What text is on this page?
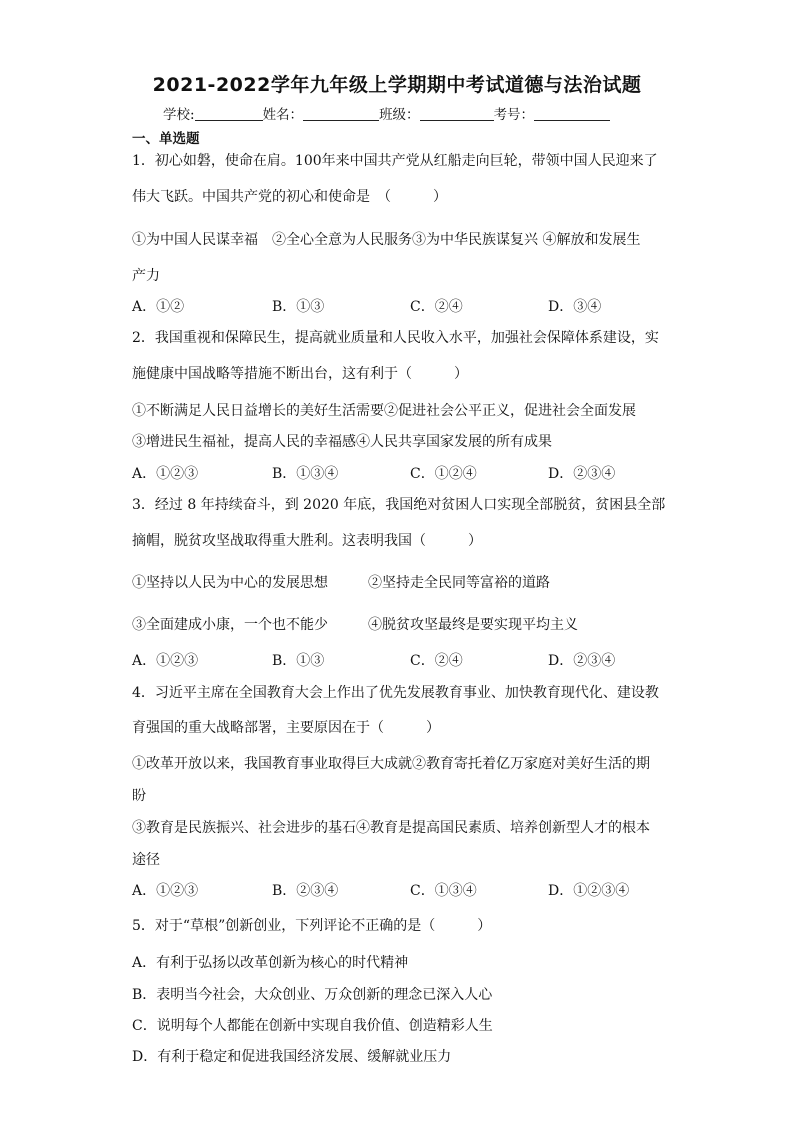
2021-2022学年九年级上学期期中考试道德与法治试题
学校:	姓名：	班级：	考号：
一、单选题
1．初心如磐，使命在肩。100年来中国共产党从红船走向巨轮，带领中国人民迎来了
伟大飞跃。中国共产党的初心和使命是　（　　　）
①为中国人民谋幸福　②全心全意为人民服务③为中华民族谋复兴 ④解放和发展生
产力
A．①②	B．①③	C．②④	D．③④
2．我国重视和保障民生，提高就业质量和人民收入水平，加强社会保障体系建设，实
施健康中国战略等措施不断出台，这有利于（　　　）
①不断满足人民日益增长的美好生活需要②促进社会公平正义，促进社会全面发展
③增进民生福祉，提高人民的幸福感④人民共享国家发展的所有成果
A．①②③	B．①③④	C．①②④	D．②③④
3．经过 8 年持续奋斗，到 2020 年底，我国绝对贫困人口实现全部脱贫，贫困县全部
摘帽，脱贫攻坚战取得重大胜利。这表明我国（　　　）
①坚持以人民为中心的发展思想	②坚持走全民同等富裕的道路
③全面建成小康，一个也不能少	④脱贫攻坚最终是要实现平均主义
A．①②③	B．①③	C．②④	D．②③④
4．习近平主席在全国教育大会上作出了优先发展教育事业、加快教育现代化、建设教
育强国的重大战略部署，主要原因在于（　　　）
①改革开放以来，我国教育事业取得巨大成就②教育寄托着亿万家庭对美好生活的期
盼
③教育是民族振兴、社会进步的基石④教育是提高国民素质、培养创新型人才的根本
途径
A．①②③	B．②③④	C．①③④	D．①②③④
5．对于“草根”创新创业，下列评论不正确的是（　　　）
A．有利于弘扬以改革创新为核心的时代精神
B．表明当今社会，大众创业、万众创新的理念已深入人心
C．说明每个人都能在创新中实现自我价值、创造精彩人生
D．有利于稳定和促进我国经济发展、缓解就业压力
